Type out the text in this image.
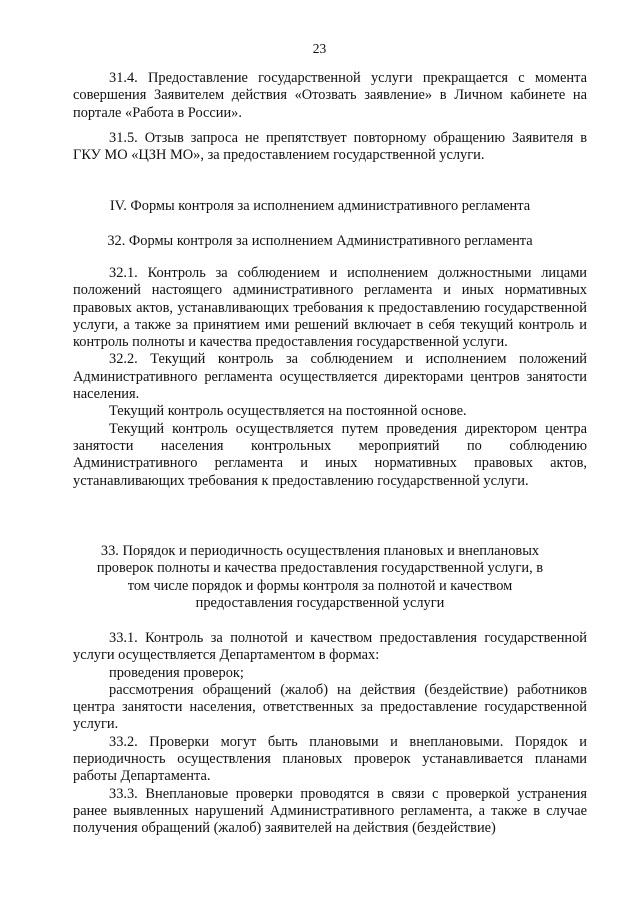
23

31.4. Предоставление государственной услуги прекращается с момента совершения Заявителем действия «Отозвать заявление» в Личном кабинете на портале «Работа в России».

31.5. Отзыв запроса не препятствует повторному обращению Заявителя в ГКУ МО «ЦЗН МО», за предоставлением государственной услуги.

IV. Формы контроля за исполнением административного регламента

32. Формы контроля за исполнением Административного регламента

32.1. Контроль за соблюдением и исполнением должностными лицами положений настоящего административного регламента и иных нормативных правовых актов, устанавливающих требования к предоставлению государственной услуги, а также за принятием ими решений включает в себя текущий контроль и контроль полноты и качества предоставления государственной услуги.

32.2. Текущий контроль за соблюдением и исполнением положений Административного регламента осуществляется директорами центров занятости населения.

Текущий контроль осуществляется на постоянной основе.

Текущий контроль осуществляется путем проведения директором центра занятости населения контрольных мероприятий по соблюдению Административного регламента и иных нормативных правовых актов, устанавливающих требования к предоставлению государственной услуги.

33. Порядок и периодичность осуществления плановых и внеплановых проверок полноты и качества предоставления государственной услуги, в том числе порядок и формы контроля за полнотой и качеством предоставления государственной услуги

33.1. Контроль за полнотой и качеством предоставления государственной услуги осуществляется Департаментом в формах:

проведения проверок;

рассмотрения обращений (жалоб) на действия (бездействие) работников центра занятости населения, ответственных за предоставление государственной услуги.

33.2. Проверки могут быть плановыми и внеплановыми. Порядок и периодичность осуществления плановых проверок устанавливается планами работы Департамента.

33.3. Внеплановые проверки проводятся в связи с проверкой устранения ранее выявленных нарушений Административного регламента, а также в случае получения обращений (жалоб) заявителей на действия (бездействие)
